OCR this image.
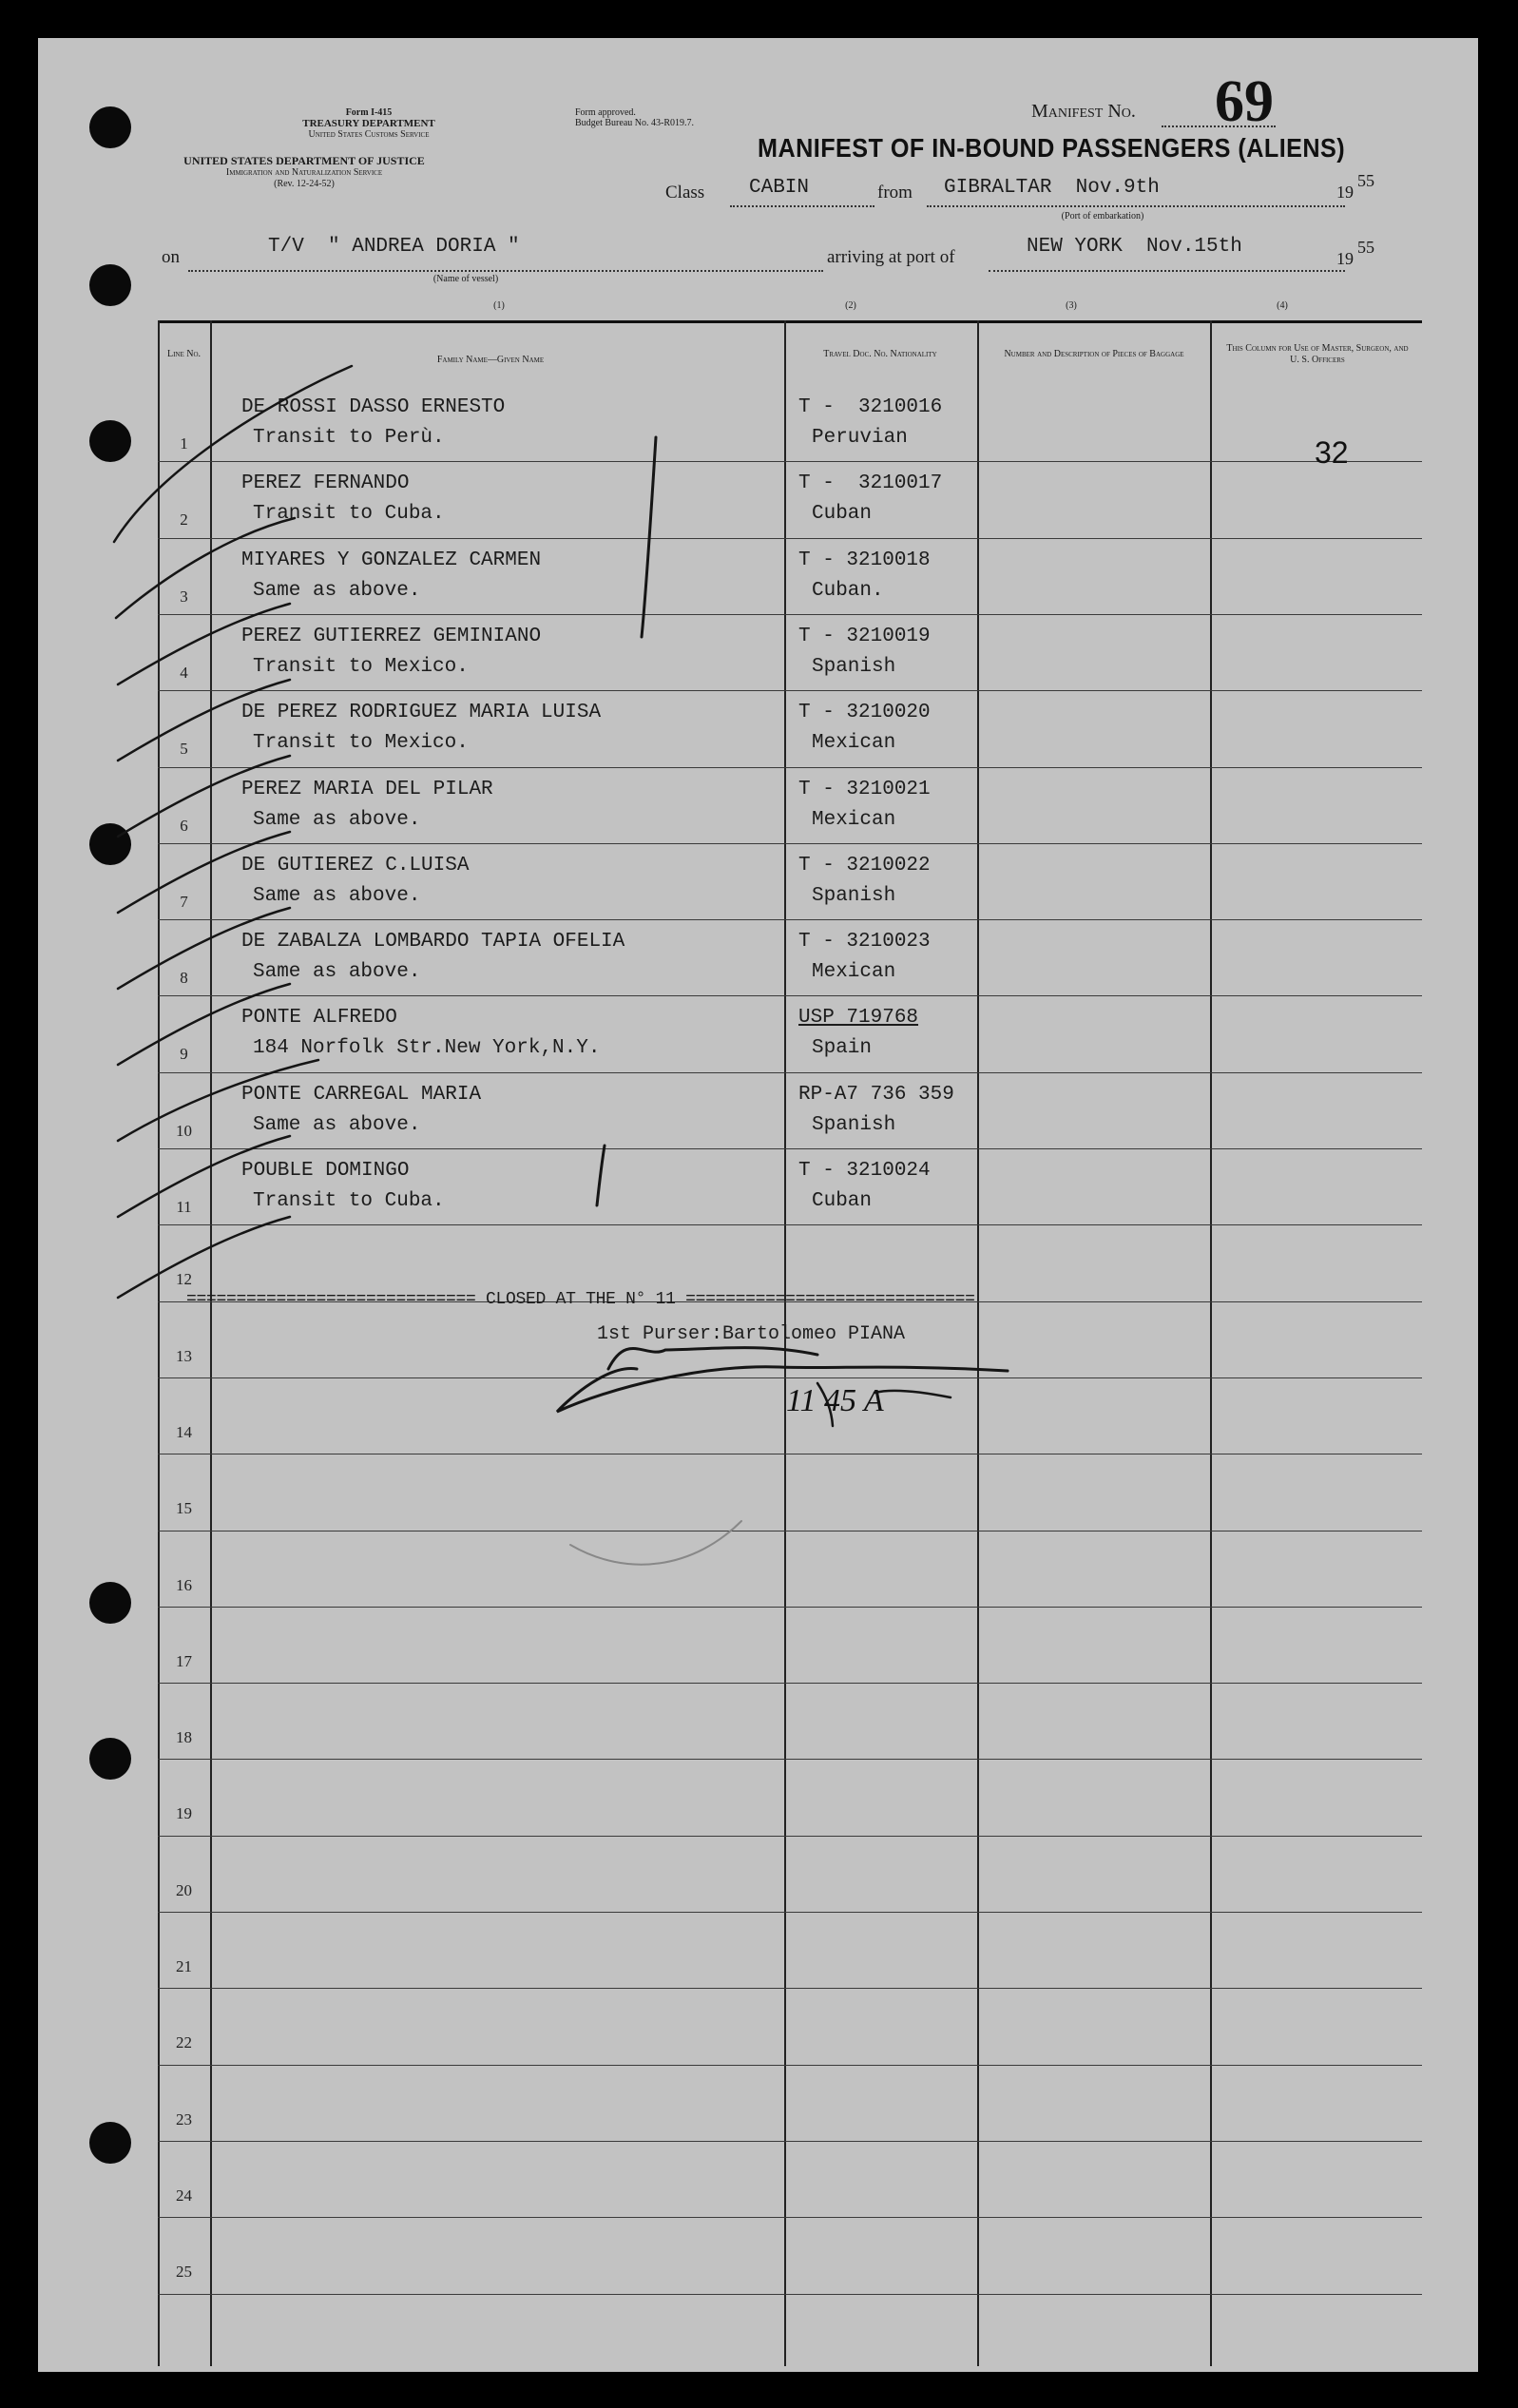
Form I-415
TREASURY DEPARTMENT
United States Customs Service
UNITED STATES DEPARTMENT OF JUSTICE
Immigration and Naturalization Service
(Rev. 12-24-52)
Form approved.
Budget Bureau No. 43-R019.7.
Manifest No. 69
MANIFEST OF IN-BOUND PASSENGERS (ALIENS)
Class CABIN	from GIBRALTAR  Nov.9th
(Port of embarkation)
19
55
on	T/V  " ANDREA DORIA "
(Name of vessel)
arriving at port of	NEW YORK  Nov.15th
19
55
(1)	(2)	(3)	(4)
Line No.
Family Name—Given Name
Travel Doc. No. Nationality	Number and Description of Pieces of Baggage
This Column for Use of Master, Surgeon, and U. S. Officers
1
DE ROSSI DASSO ERNESTO
Transit to Perù.
T -  3210016
Peruvian
2
PEREZ FERNANDO
Transit to Cuba.
T -  3210017
Cuban
3
MIYARES Y GONZALEZ CARMEN
Same as above.
T - 3210018
Cuban.
4
PEREZ GUTIERREZ GEMINIANO
Transit to Mexico.
T - 3210019
Spanish
5
DE PEREZ RODRIGUEZ MARIA LUISA
Transit to Mexico.
T - 3210020
Mexican
6
PEREZ MARIA DEL PILAR
Same as above.
T - 3210021
Mexican
7
DE GUTIEREZ C.LUISA
Same as above.
T - 3210022
Spanish
8
DE ZABALZA LOMBARDO TAPIA OFELIA
Same as above.
T - 3210023
Mexican
9
PONTE ALFREDO
184 Norfolk Str.New York,N.Y.
USP 719768
Spain
10
PONTE CARREGAL MARIA
Same as above.
RP-A7 736 359
Spanish
11
POUBLE DOMINGO
Transit to Cuba.
T - 3210024
Cuban
12
13
14
15
16
17
18
19
20
21
22
23
24
25
============================= CLOSED AT THE N° 11 =============================
1st Purser:Bartolomeo PIANA
32
11 45 A
